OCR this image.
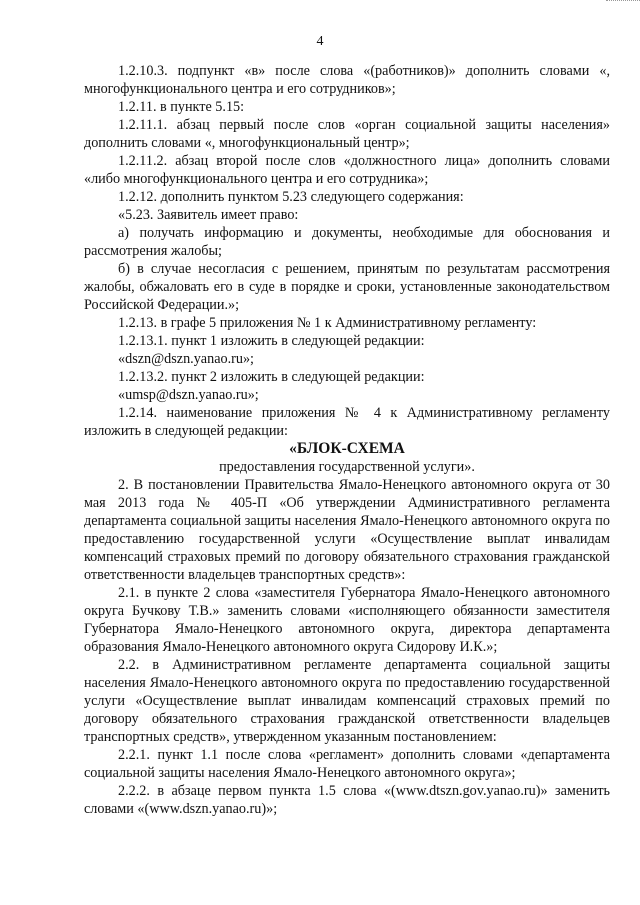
4

1.2.10.3. подпункт «в» после слова «(работников)» дополнить словами «, многофункционального центра и его сотрудников»;

1.2.11. в пункте 5.15:

1.2.11.1. абзац первый после слов «орган социальной защиты населения» дополнить словами «, многофункциональный центр»;

1.2.11.2. абзац второй после слов «должностного лица» дополнить словами «либо многофункционального центра и его сотрудника»;

1.2.12. дополнить пунктом 5.23 следующего содержания:

«5.23. Заявитель имеет право:

а) получать информацию и документы, необходимые для обоснования и рассмотрения жалобы;

б) в случае несогласия с решением, принятым по результатам рассмотрения жалобы, обжаловать его в суде в порядке и сроки, установленные законодательством Российской Федерации.»;

1.2.13. в графе 5 приложения № 1 к Административному регламенту:

1.2.13.1. пункт 1 изложить в следующей редакции:

«dszn@dszn.yanao.ru»;

1.2.13.2. пункт 2 изложить в следующей редакции:

«umsp@dszn.yanao.ru»;

1.2.14. наименование приложения № 4 к Административному регламенту изложить в следующей редакции:

«БЛОК-СХЕМА

предоставления государственной услуги».

2. В постановлении Правительства Ямало-Ненецкого автономного округа от 30 мая 2013 года № 405-П «Об утверждении Административного регламента департамента социальной защиты населения Ямало-Ненецкого автономного округа по предоставлению государственной услуги «Осуществление выплат инвалидам компенсаций страховых премий по договору обязательного страхования гражданской ответственности владельцев транспортных средств»:

2.1. в пункте 2 слова «заместителя Губернатора Ямало-Ненецкого автономного округа Бучкову Т.В.» заменить словами «исполняющего обязанности заместителя Губернатора Ямало-Ненецкого автономного округа, директора департамента образования Ямало-Ненецкого автономного округа Сидорову И.К.»;

2.2. в Административном регламенте департамента социальной защиты населения Ямало-Ненецкого автономного округа по предоставлению государственной услуги «Осуществление выплат инвалидам компенсаций страховых премий по договору обязательного страхования гражданской ответственности владельцев транспортных средств», утвержденном указанным постановлением:

2.2.1. пункт 1.1 после слова «регламент» дополнить словами «департамента социальной защиты населения Ямало-Ненецкого автономного округа»;

2.2.2. в абзаце первом пункта 1.5 слова «(www.dtszn.gov.yanao.ru)» заменить словами «(www.dszn.yanao.ru)»;
